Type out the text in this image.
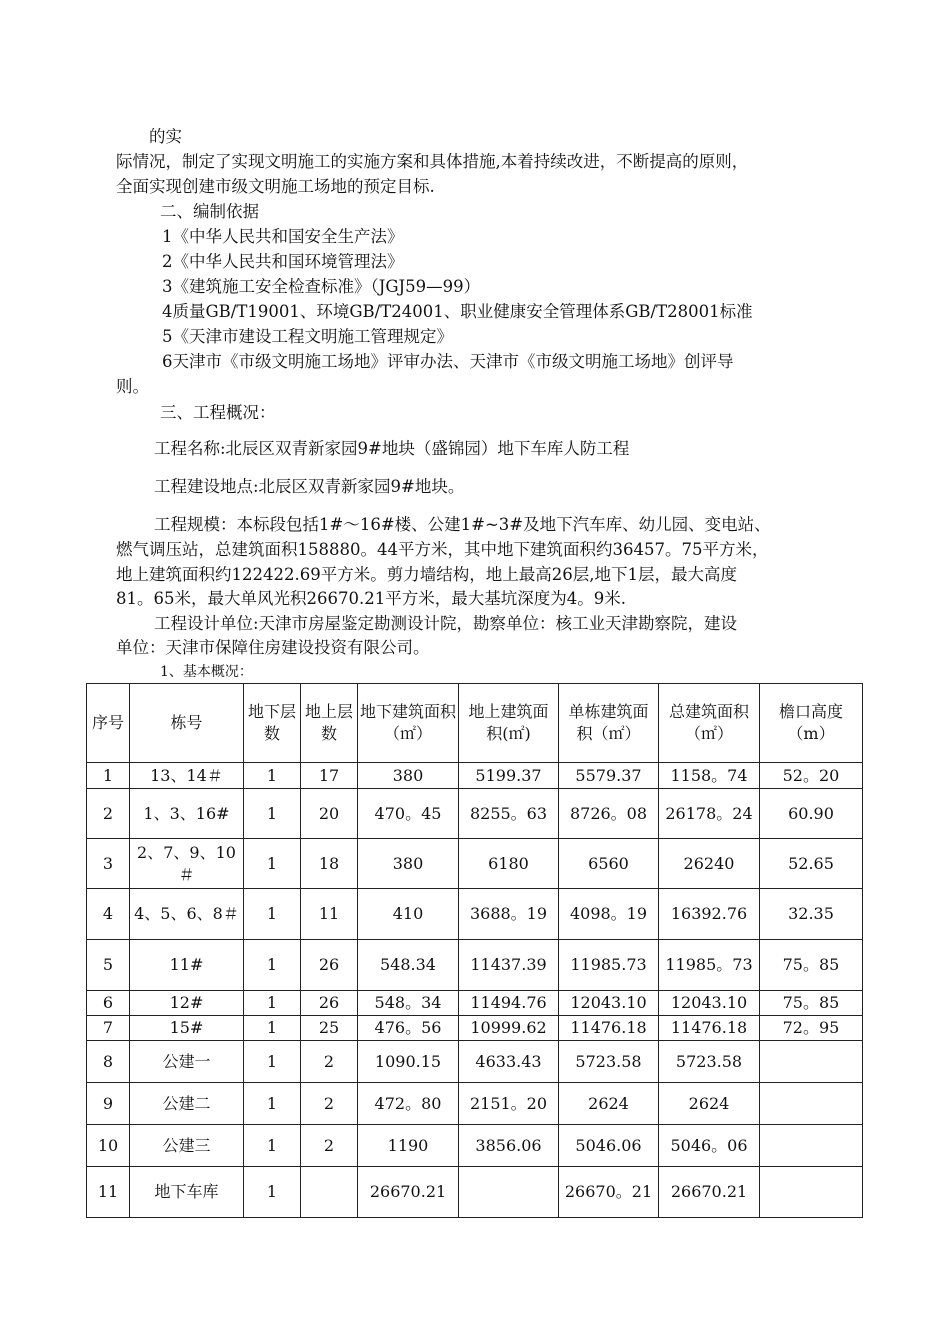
的实
际情况，制定了实现文明施工的实施方案和具体措施,本着持续改进，不断提高的原则，
全面实现创建市级文明施工场地的预定目标.
二、编制依据
1《中华人民共和国安全生产法》
2《中华人民共和国环境管理法》
3《建筑施工安全检查标准》（JGJ59—99）
4质量GB/T19001、环境GB/T24001、职业健康安全管理体系GB/T28001标准
5《天津市建设工程文明施工管理规定》
6天津市《市级文明施工场地》评审办法、天津市《市级文明施工场地》创评导
则。
三、工程概况：
工程名称:北辰区双青新家园9#地块（盛锦园）地下车库人防工程
工程建设地点:北辰区双青新家园9#地块。
工程规模：本标段包括1#～16#楼、公建1#~3#及地下汽车库、幼儿园、变电站、
燃气调压站，总建筑面积158880。44平方米，其中地下建筑面积约36457。75平方米，
地上建筑面积约122422.69平方米。剪力墙结构，地上最高26层,地下1层，最大高度
81。65米，最大单风光积26670.21平方米，最大基坑深度为4。9米.
工程设计单位:天津市房屋鉴定勘测设计院，勘察单位：核工业天津勘察院，建设
单位：天津市保障住房建设投资有限公司。
1、基本概况：
序号	栋号	地下层数	地上层数	地下建筑面积（㎡）	地上建筑面积(㎡)	单栋建筑面积（㎡）	总建筑面积（㎡）	檐口高度（m）
1	13、14＃	1	17	380	5199.37	5579.37	1158。74	52。20
2	1、3、16#	1	20	470。45	8255。63	8726。08	26178。24	60.90
3	2、7、9、10＃	1	18	380	6180	6560	26240	52.65
4	4、5、6、8＃	1	11	410	3688。19	4098。19	16392.76	32.35
5	11#	1	26	548.34	11437.39	11985.73	11985。73	75。85
6	12#	1	26	548。34	11494.76	12043.10	12043.10	75。85
7	15#	1	25	476。56	10999.62	11476.18	11476.18	72。95
8	公建一	1	2	1090.15	4633.43	5723.58	5723.58	
9	公建二	1	2	472。80	2151。20	2624	2624	
10	公建三	1	2	1190	3856.06	5046.06	5046。06	
11	地下车库	1		26670.21		26670。21	26670.21	
